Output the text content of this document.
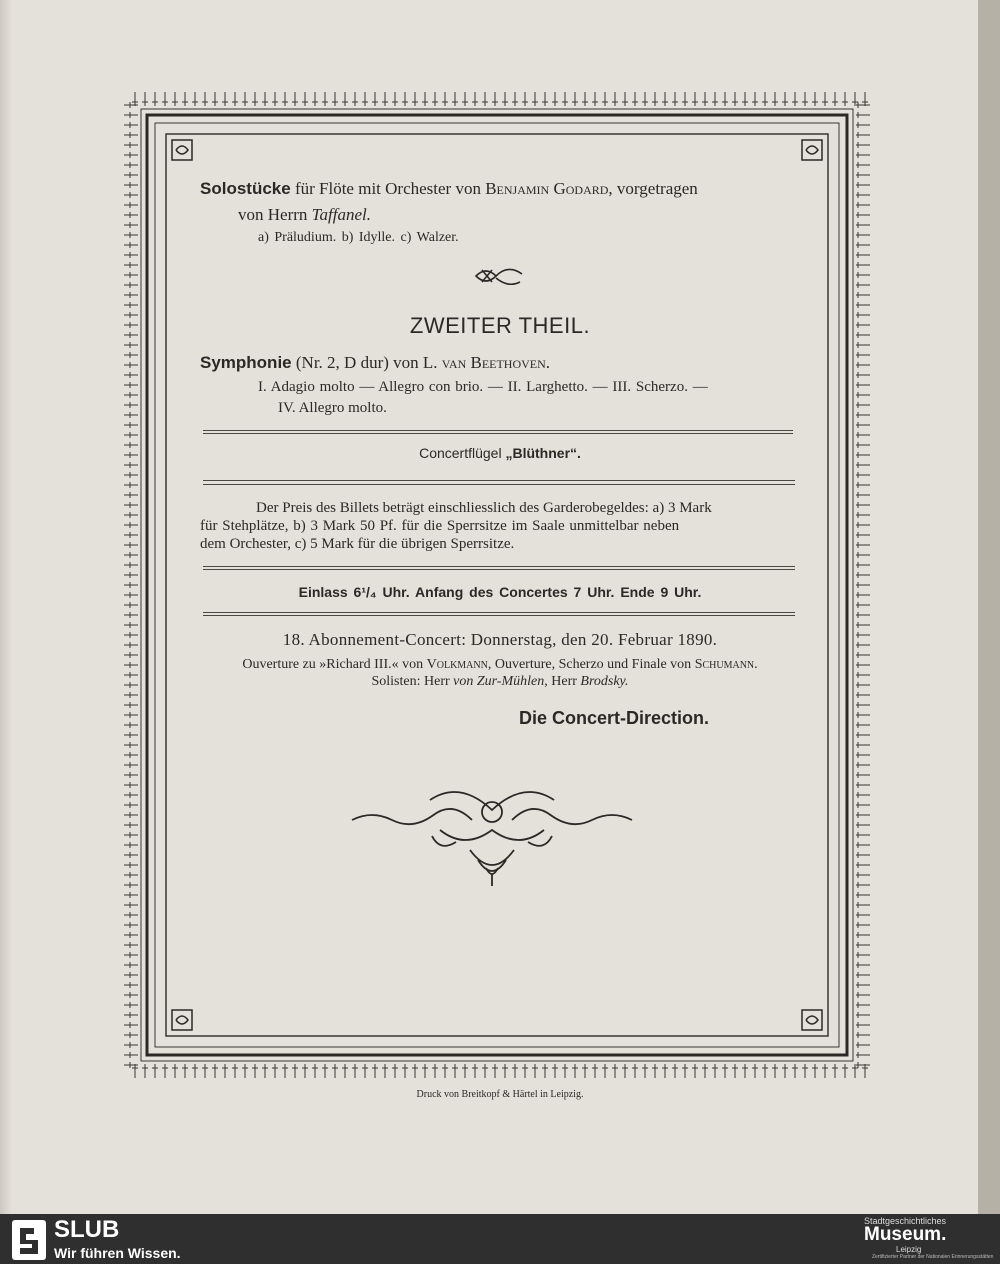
Solostücke für Flöte mit Orchester von Benjamin Godard, vorgetragen
von Herrn Taffanel.
a) Präludium. b) Idylle. c) Walzer.
ZWEITER THEIL.
Symphonie (Nr. 2, D dur) von L. van Beethoven.
I. Adagio molto — Allegro con brio. — II. Larghetto. — III. Scherzo. —
IV. Allegro molto.
Concertflügel „Blüthner“.
Der Preis des Billets beträgt einschliesslich des Garderobegeldes: a) 3 Mark
für Stehplätze, b) 3 Mark 50 Pf. für die Sperrsitze im Saale unmittelbar neben
dem Orchester, c) 5 Mark für die übrigen Sperrsitze.
Einlass 6¹/₄ Uhr. Anfang des Concertes 7 Uhr. Ende 9 Uhr.
18. Abonnement-Concert: Donnerstag, den 20. Februar 1890.
Ouverture zu »Richard III.« von Volkmann, Ouverture, Scherzo und Finale von Schumann.
Solisten: Herr von Zur-Mühlen, Herr Brodsky.
Die Concert-Direction.
Druck von Breitkopf & Härtel in Leipzig.
SLUB
Wir führen Wissen.
Stadtgeschichtliches
Museum.
Leipzig
Zertifizierter Partner der Nationalen Erinnerungsstätten
